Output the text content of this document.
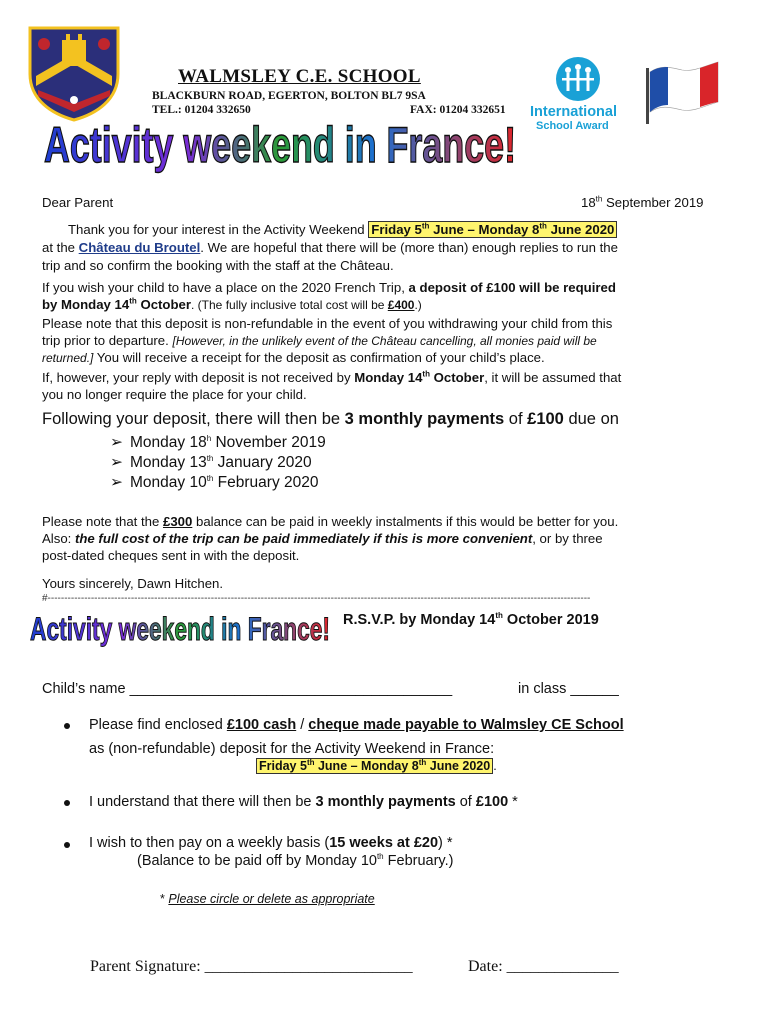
WALMSLEY C.E. SCHOOL
BLACKBURN ROAD, EGERTON, BOLTON BL7 9SA
TEL.: 01204 332650	FAX: 01204 332651 International
School Award
Activity weekend in France!
Dear Parent	18th September 2019
Thank you for your interest in the Activity Weekend Friday 5th June – Monday 8th June 2020
at the Château du Broutel. We are hopeful that there will be (more than) enough replies to run the
trip and so confirm the booking with the staff at the Château.
If you wish your child to have a place on the 2020 French Trip, a deposit of £100 will be required
by Monday 14th October. (The fully inclusive total cost will be £400.)
Please note that this deposit is non-refundable in the event of you withdrawing your child from this
trip prior to departure. [However, in the unlikely event of the Château cancelling, all monies paid will be
returned.] You will receive a receipt for the deposit as confirmation of your child’s place.
If, however, your reply with deposit is not received by Monday 14th October, it will be assumed that
you no longer require the place for your child.
Following your deposit, there will then be 3 monthly payments of £100 due on
➢ Monday 18$^h$ November 2019
➢ Monday 13th January 2020
➢ Monday 10th February 2020
Please note that the £300 balance can be paid in weekly instalments if this would be better for you.
Also: the full cost of the trip can be paid immediately if this is more convenient, or by three
post-dated cheques sent in with the deposit.
Yours sincerely, Dawn Hitchen.
#-------------------------------------------------------------------------------------------------------------------------------------------------------------------
Activity weekend in France! R.S.V.P. by Monday 14th October 2019
Child’s name ________________________________________	in class ______
Please find enclosed £100 cash / cheque made payable to Walmsley CE School
as (non-refundable) deposit for the Activity Weekend in France:
Friday 5th June – Monday 8th June 2020 .
I understand that there will then be 3 monthly payments of £100 *
I wish to then pay on a weekly basis (15 weeks at £20) *
(Balance to be paid off by Monday 10th February.)
* Please circle or delete as appropriate
Parent Signature: __________________________	Date: ______________
